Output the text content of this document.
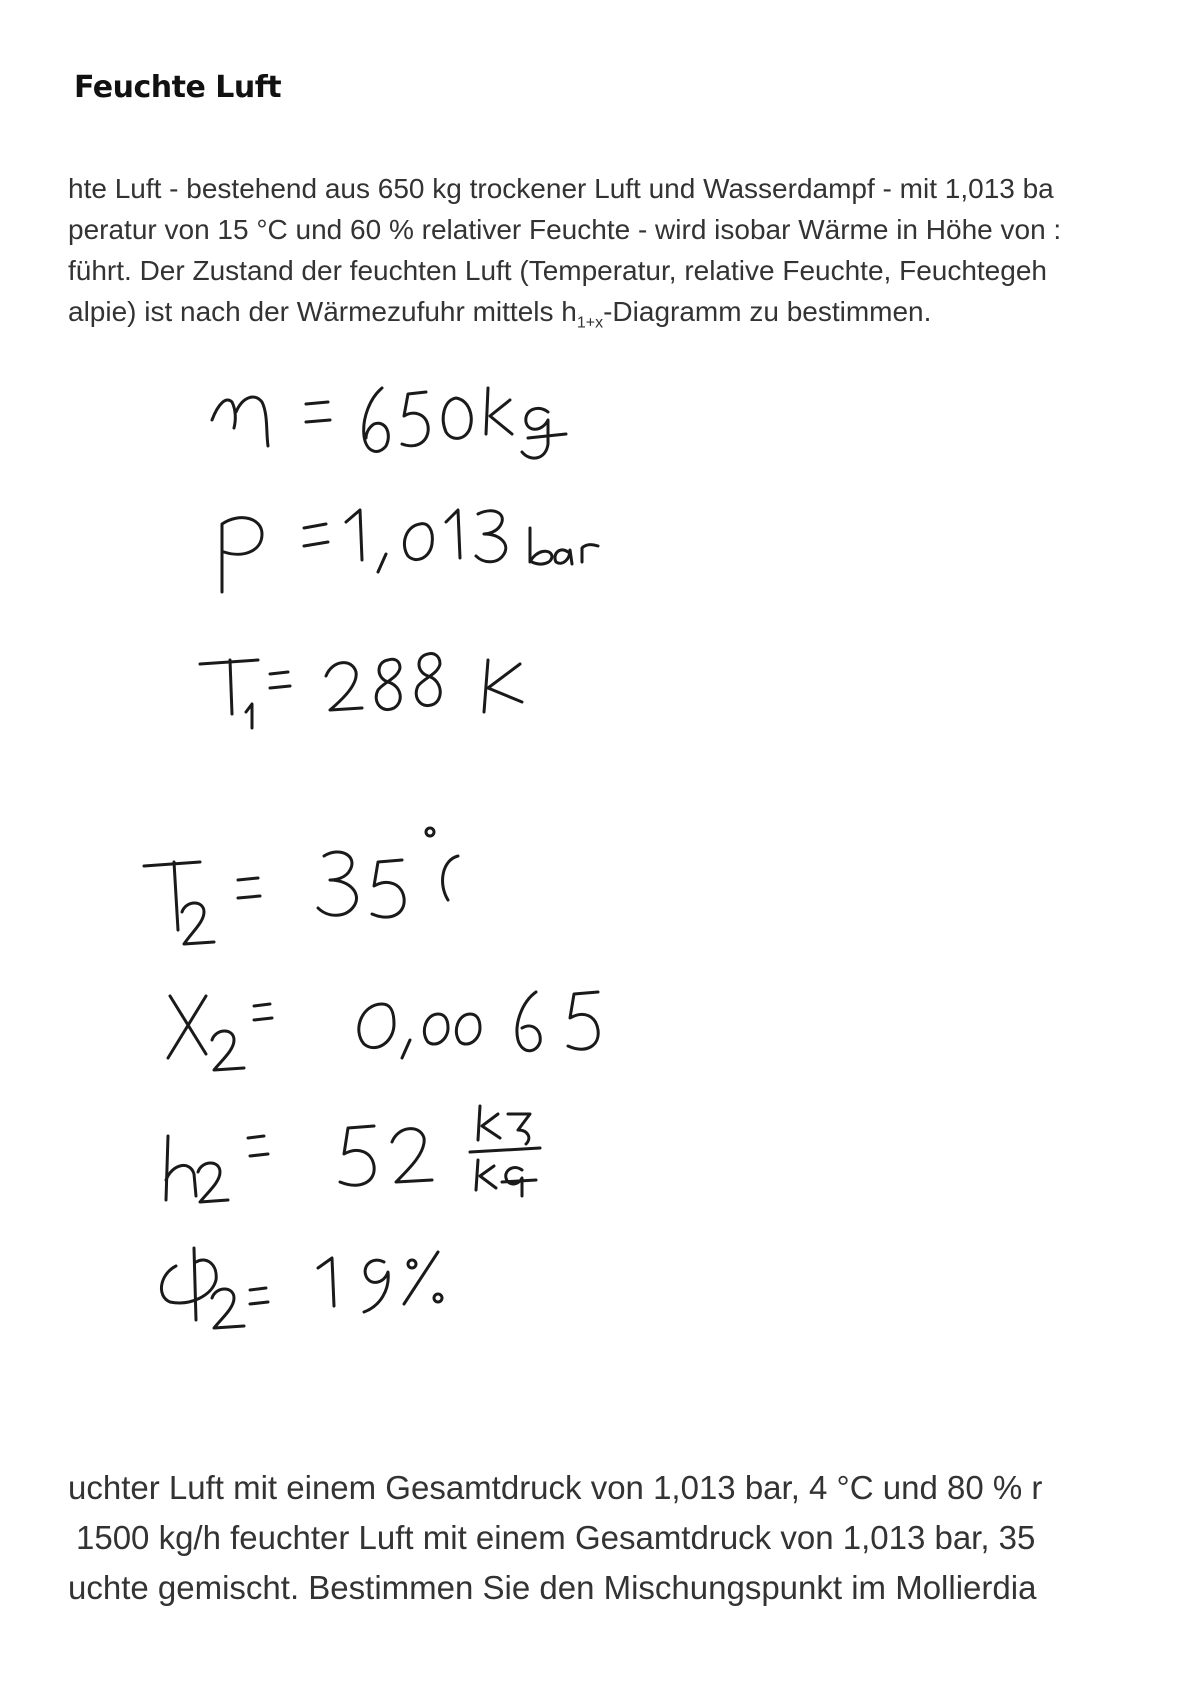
Feuchte Luft
hte Luft - bestehend aus 650 kg trockener Luft und Wasserdampf - mit 1,013 ba
peratur von 15 °C und 60 % relativer Feuchte - wird isobar Wärme in Höhe von :
führt. Der Zustand der feuchten Luft (Temperatur, relative Feuchte, Feuchtegeh
alpie) ist nach der Wärmezufuhr mittels $h_{1+x}$-Diagramm zu bestimmen.
uchter Luft mit einem Gesamtdruck von 1,013 bar, 4 °C und 80 % r
1500 kg/h feuchter Luft mit einem Gesamtdruck von 1,013 bar, 35
uchte gemischt. Bestimmen Sie den Mischungspunkt im Mollierdia
